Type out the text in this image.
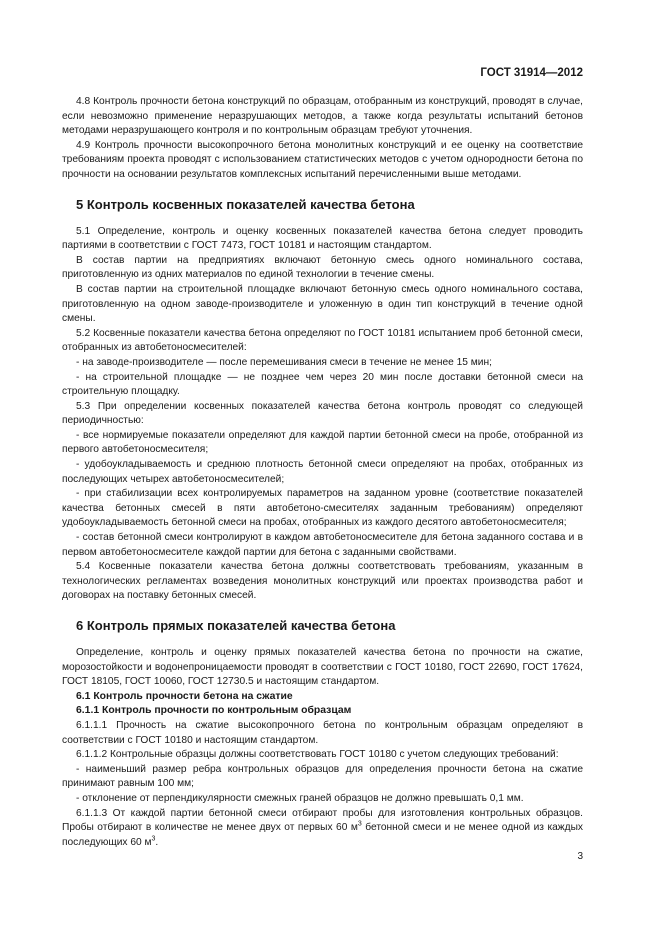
ГОСТ 31914—2012

4.8 Контроль прочности бетона конструкций по образцам, отобранным из конструкций, проводят в случае, если невозможно применение неразрушающих методов, а также когда результаты испытаний бетонов методами неразрушающего контроля и по контрольным образцам требуют уточнения.

4.9 Контроль прочности высокопрочного бетона монолитных конструкций и ее оценку на соответствие требованиям проекта проводят с использованием статистических методов с учетом однородности бетона по прочности на основании результатов комплексных испытаний перечисленными выше методами.

5 Контроль косвенных показателей качества бетона

5.1 Определение, контроль и оценку косвенных показателей качества бетона следует проводить партиями в соответствии с ГОСТ 7473, ГОСТ 10181 и настоящим стандартом.

В состав партии на предприятиях включают бетонную смесь одного номинального состава, приготовленную из одних материалов по единой технологии в течение смены.

В состав партии на строительной площадке включают бетонную смесь одного номинального состава, приготовленную на одном заводе-производителе и уложенную в один тип конструкций в течение одной смены.

5.2 Косвенные показатели качества бетона определяют по ГОСТ 10181 испытанием проб бетонной смеси, отобранных из автобетоносмесителей:

- на заводе-производителе — после перемешивания смеси в течение не менее 15 мин;

- на строительной площадке — не позднее чем через 20 мин после доставки бетонной смеси на строительную площадку.

5.3 При определении косвенных показателей качества бетона контроль проводят со следующей периодичностью:

- все нормируемые показатели определяют для каждой партии бетонной смеси на пробе, отобранной из первого автобетоносмесителя;

- удобоукладываемость и среднюю плотность бетонной смеси определяют на пробах, отобранных из последующих четырех автобетоносмесителей;

- при стабилизации всех контролируемых параметров на заданном уровне (соответствие показателей качества бетонных смесей в пяти автобетоно-смесителях заданным требованиям) определяют удобоукладываемость бетонной смеси на пробах, отобранных из каждого десятого автобетоносмесителя;

- состав бетонной смеси контролируют в каждом автобетоносмесителе для бетона заданного состава и в первом автобетоносмесителе каждой партии для бетона с заданными свойствами.

5.4 Косвенные показатели качества бетона должны соответствовать требованиям, указанным в технологических регламентах возведения монолитных конструкций или проектах производства работ и договорах на поставку бетонных смесей.

6 Контроль прямых показателей качества бетона

Определение, контроль и оценку прямых показателей качества бетона по прочности на сжатие, морозостойкости и водонепроницаемости проводят в соответствии с ГОСТ 10180, ГОСТ 22690, ГОСТ 17624, ГОСТ 18105, ГОСТ 10060, ГОСТ 12730.5 и настоящим стандартом.

6.1 Контроль прочности бетона на сжатие

6.1.1 Контроль прочности по контрольным образцам

6.1.1.1 Прочность на сжатие высокопрочного бетона по контрольным образцам определяют в соответствии с ГОСТ 10180 и настоящим стандартом.

6.1.1.2 Контрольные образцы должны соответствовать ГОСТ 10180 с учетом следующих требований:

- наименьший размер ребра контрольных образцов для определения прочности бетона на сжатие принимают равным 100 мм;

- отклонение от перпендикулярности смежных граней образцов не должно превышать 0,1 мм.

6.1.1.3 От каждой партии бетонной смеси отбирают пробы для изготовления контрольных образцов. Пробы отбирают в количестве не менее двух от первых 60 $м^3$ бетонной смеси и не менее одной из каждых последующих 60 $м^3$.

3
